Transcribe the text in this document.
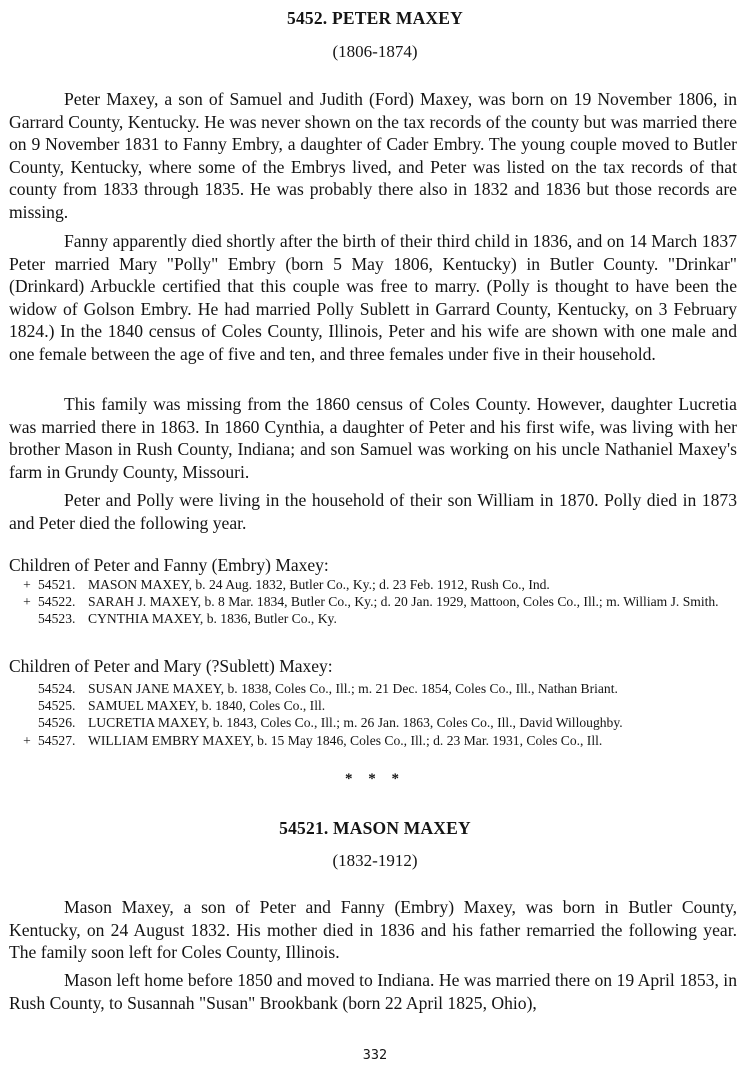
5452. PETER MAXEY
(1806-1874)

Peter Maxey, a son of Samuel and Judith (Ford) Maxey, was born on 19 November 1806, in Garrard County, Kentucky. He was never shown on the tax records of the county but was married there on 9 November 1831 to Fanny Embry, a daughter of Cader Embry. The young couple moved to Butler County, Kentucky, where some of the Embrys lived, and Peter was listed on the tax records of that county from 1833 through 1835. He was probably there also in 1832 and 1836 but those records are missing.

Fanny apparently died shortly after the birth of their third child in 1836, and on 14 March 1837 Peter married Mary "Polly" Embry (born 5 May 1806, Kentucky) in Butler County. "Drinkar" (Drinkard) Arbuckle certified that this couple was free to marry. (Polly is thought to have been the widow of Golson Embry. He had married Polly Sublett in Garrard County, Kentucky, on 3 February 1824.) In the 1840 census of Coles County, Illinois, Peter and his wife are shown with one male and one female between the age of five and ten, and three females under five in their household.

This family was missing from the 1860 census of Coles County. However, daughter Lucretia was married there in 1863. In 1860 Cynthia, a daughter of Peter and his first wife, was living with her brother Mason in Rush County, Indiana; and son Samuel was working on his uncle Nathaniel Maxey's farm in Grundy County, Missouri.

Peter and Polly were living in the household of their son William in 1870. Polly died in 1873 and Peter died the following year.

Children of Peter and Fanny (Embry) Maxey:

+ 54521. MASON MAXEY, b. 24 Aug. 1832, Butler Co., Ky.; d. 23 Feb. 1912, Rush Co., Ind.
+ 54522. SARAH J. MAXEY, b. 8 Mar. 1834, Butler Co., Ky.; d. 20 Jan. 1929, Mattoon, Coles Co., Ill.; m. William J. Smith.
54523. CYNTHIA MAXEY, b. 1836, Butler Co., Ky.

Children of Peter and Mary (?Sublett) Maxey:

54524. SUSAN JANE MAXEY, b. 1838, Coles Co., Ill.; m. 21 Dec. 1854, Coles Co., Ill., Nathan Briant.
54525. SAMUEL MAXEY, b. 1840, Coles Co., Ill.
54526. LUCRETIA MAXEY, b. 1843, Coles Co., Ill.; m. 26 Jan. 1863, Coles Co., Ill., David Willoughby.
+ 54527. WILLIAM EMBRY MAXEY, b. 15 May 1846, Coles Co., Ill.; d. 23 Mar. 1931, Coles Co., Ill.
* * *
54521. MASON MAXEY
(1832-1912)

Mason Maxey, a son of Peter and Fanny (Embry) Maxey, was born in Butler County, Kentucky, on 24 August 1832. His mother died in 1836 and his father remarried the following year. The family soon left for Coles County, Illinois.

Mason left home before 1850 and moved to Indiana. He was married there on 19 April 1853, in Rush County, to Susannah "Susan" Brookbank (born 22 April 1825, Ohio),

332
